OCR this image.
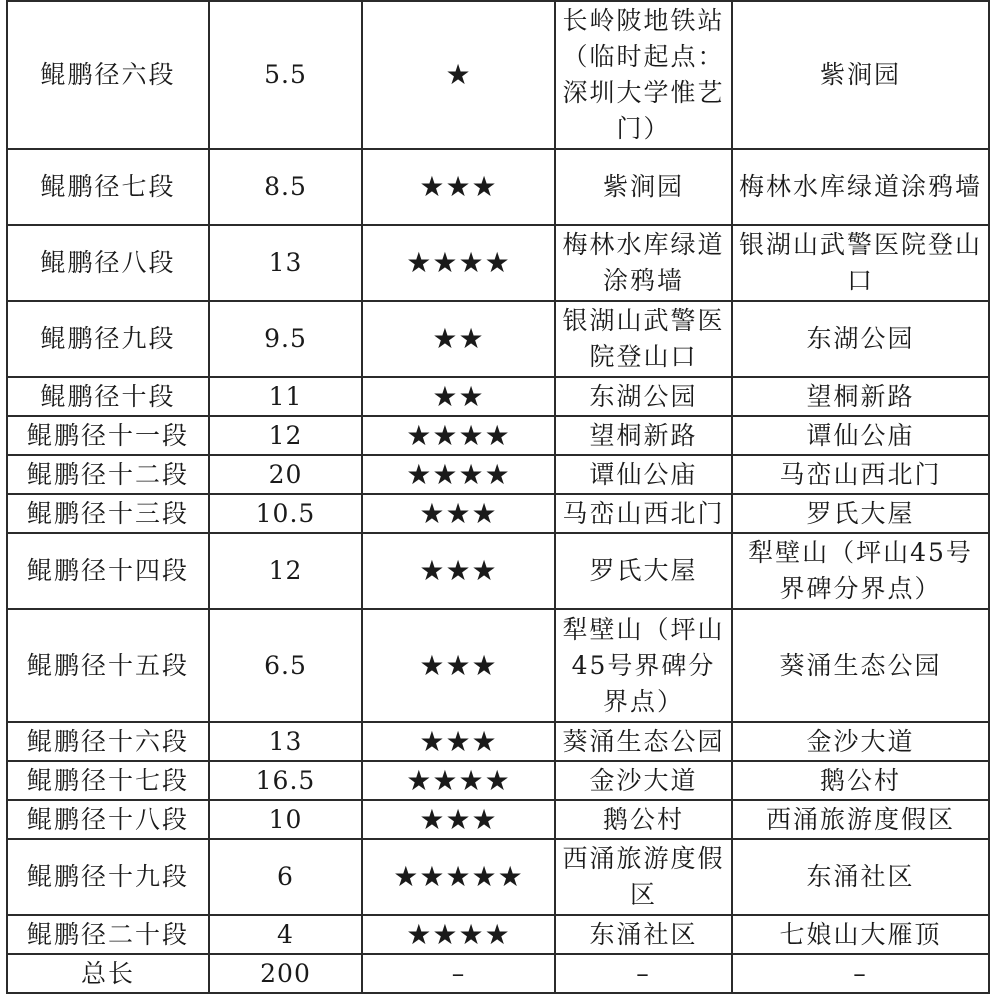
鲲鹏径六段	5.5	★	长岭陂地铁站（临时起点：深圳大学惟艺门）	紫涧园
鲲鹏径七段	8.5	★★★	紫涧园	梅林水库绿道涂鸦墙
鲲鹏径八段	13	★★★★	梅林水库绿道涂鸦墙	银湖山武警医院登山口
鲲鹏径九段	9.5	★★	银湖山武警医院登山口	东湖公园
鲲鹏径十段	11	★★	东湖公园	望桐新路
鲲鹏径十一段	12	★★★★	望桐新路	谭仙公庙
鲲鹏径十二段	20	★★★★	谭仙公庙	马峦山西北门
鲲鹏径十三段	10.5	★★★	马峦山西北门	罗氏大屋
鲲鹏径十四段	12	★★★	罗氏大屋	犁壁山（坪山45号界碑分界点）
鲲鹏径十五段	6.5	★★★	犁壁山（坪山45号界碑分界点）	葵涌生态公园
鲲鹏径十六段	13	★★★	葵涌生态公园	金沙大道
鲲鹏径十七段	16.5	★★★★	金沙大道	鹅公村
鲲鹏径十八段	10	★★★	鹅公村	西涌旅游度假区
鲲鹏径十九段	6	★★★★★	西涌旅游度假区	东涌社区
鲲鹏径二十段	4	★★★★	东涌社区	七娘山大雁顶
总长	200	–	–	–
